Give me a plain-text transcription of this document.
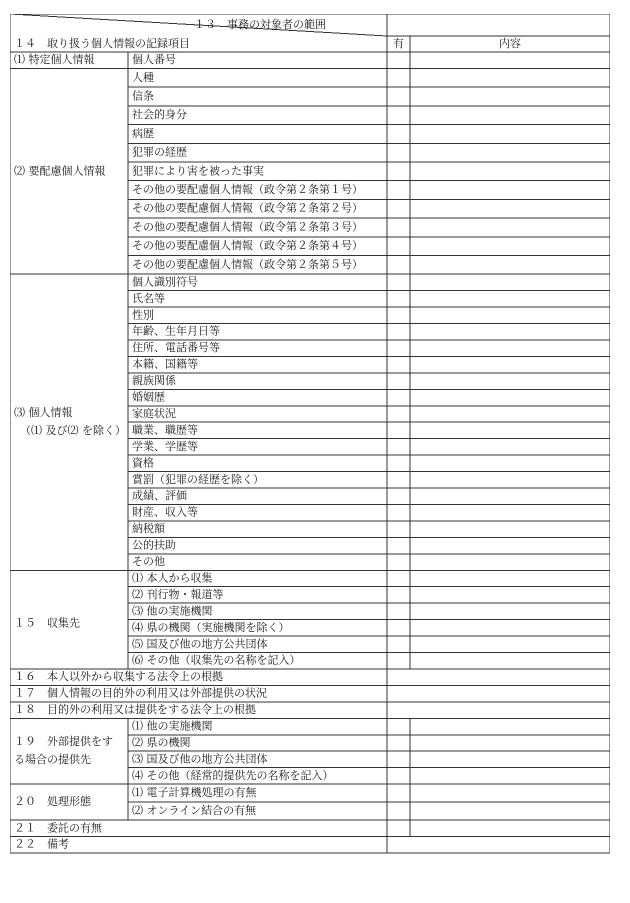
１３　事務の対象者の範囲
１４　取り扱う個人情報の記録項目	有	内容
個人番号
⑴ 特定個人情報
人種
信条
社会的身分
病歴
犯罪の経歴
犯罪により害を被った事実
その他の要配慮個人情報（政令第２条第１号）
その他の要配慮個人情報（政令第２条第２号）
その他の要配慮個人情報（政令第２条第３号）
その他の要配慮個人情報（政令第２条第４号）
その他の要配慮個人情報（政令第２条第５号）
⑵ 要配慮個人情報
個人識別符号
氏名等
性別
年齢、生年月日等
住所、電話番号等
本籍、国籍等
親族関係
婚姻歴
家庭状況
職業、職歴等
学業、学歴等
資格
賞罰（犯罪の経歴を除く）
成績、評価
財産、収入等
納税額
公的扶助
その他
⑶ 個人情報
（⑴ 及び⑵ を除く）
⑴ 本人から収集
⑵ 刊行物・報道等
⑶ 他の実施機関
⑷ 県の機関（実施機関を除く）
⑸ 国及び他の地方公共団体
⑹ その他（収集先の名称を記入）
１５　収集先
１６　本人以外から収集する法令上の根拠
１７　個人情報の目的外の利用又は外部提供の状況
１８　目的外の利用又は提供をする法令上の根拠
⑴ 他の実施機関
⑵ 県の機関
⑶ 国及び他の地方公共団体
⑷ その他（経常的提供先の名称を記入）
１９　外部提供をす
る場合の提供先
⑴ 電子計算機処理の有無
⑵ オンライン結合の有無
２０　処理形態
２１　委託の有無
２２　備考
